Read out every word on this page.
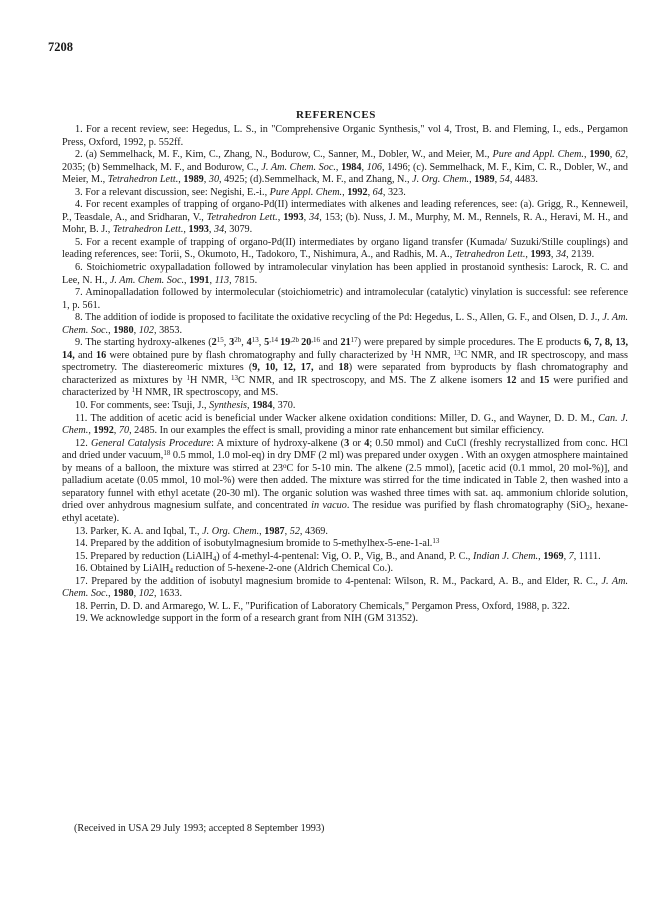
7208
REFERENCES

1. For a recent review, see: Hegedus, L. S., in "Comprehensive Organic Synthesis," vol 4, Trost, B. and Fleming, I., eds., Pergamon Press, Oxford, 1992, p. 552ff.

2. (a) Semmelhack, M. F., Kim, C., Zhang, N., Bodurow, C., Sanner, M., Dobler, W., and Meier, M., Pure and Appl. Chem., 1990, 62, 2035; (b) Semmelhack, M. F., and Bodurow, C., J. Am. Chem. Soc., 1984, 106, 1496; (c). Semmelhack, M. F., Kim, C. R., Dobler, W., and Meier, M., Tetrahedron Lett., 1989, 30, 4925; (d).Semmelhack, M. F., and Zhang, N., J. Org. Chem., 1989, 54, 4483.

3. For a relevant discussion, see: Negishi, E.-i., Pure Appl. Chem., 1992, 64, 323.

4. For recent examples of trapping of organo-Pd(II) intermediates with alkenes and leading references, see: (a). Grigg, R., Kenneweil, P., Teasdale, A., and Sridharan, V., Tetrahedron Lett., 1993, 34, 153; (b). Nuss, J. M., Murphy, M. M., Rennels, R. A., Heravi, M. H., and Mohr, B. J., Tetrahedron Lett., 1993, 34, 3079.

5. For a recent example of trapping of organo-Pd(II) intermediates by organo ligand transfer (Kumada/ Suzuki/Stille couplings) and leading references, see: Torii, S., Okumoto, H., Tadokoro, T., Nishimura, A., and Radhis, M. A., Tetrahedron Lett., 1993, 34, 2139.

6. Stoichiometric oxypalladation followed by intramolecular vinylation has been applied in prostanoid synthesis: Larock, R. C. and Lee, N. H., J. Am. Chem. Soc., 1991, 113, 7815.

7. Aminopalladation followed by intermolecular (stoichiometric) and intramolecular (catalytic) vinylation is successful: see reference 1, p. 561.

8. The addition of iodide is proposed to facilitate the oxidative recycling of the Pd: Hegedus, L. S., Allen, G. F., and Olsen, D. J., J. Am. Chem. Soc., 1980, 102, 3853.

9. The starting hydroxy-alkenes ($2^{15}$, $3^{2b}$, $4^{13}$, $5^{,14}$ $19^{,2b}$ $20^{,16}$ and $21^{17}$) were prepared by simple procedures. The E products 6, 7, 8, 13, 14, and 16 were obtained pure by flash chromatography and fully characterized by $^1$H NMR, $^{13}$C NMR, and IR spectroscopy, and mass spectrometry. The diastereomeric mixtures (9, 10, 12, 17, and 18) were separated from byproducts by flash chromatography and characterized as mixtures by $^1$H NMR, $^{13}$C NMR, and IR spectroscopy, and MS. The Z alkene isomers 12 and 15 were purified and characterized by $^1$H NMR, IR spectroscopy, and MS.

10. For comments, see: Tsuji, J., Synthesis, 1984, 370.

11. The addition of acetic acid is beneficial under Wacker alkene oxidation conditions: Miller, D. G., and Wayner, D. D. M., Can. J. Chem., 1992, 70, 2485. In our examples the effect is small, providing a minor rate enhancement but similar efficiency.

12. General Catalysis Procedure: A mixture of hydroxy-alkene (3 or 4; 0.50 mmol) and CuCl (freshly recrystallized from conc. HCl and dried under vacuum,$^{18}$ 0.5 mmol, 1.0 mol-eq) in dry DMF (2 ml) was prepared under oxygen . With an oxygen atmosphere maintained by means of a balloon, the mixture was stirred at 23$^o$C for 5-10 min. The alkene (2.5 mmol), [acetic acid (0.1 mmol, 20 mol-%)], and palladium acetate (0.05 mmol, 10 mol-%) were then added. The mixture was stirred for the time indicated in Table 2, then washed into a separatory funnel with ethyl acetate (20-30 ml). The organic solution was washed three times with sat. aq. ammonium chloride solution, dried over anhydrous magnesium sulfate, and concentrated in vacuo. The residue was purified by flash chromatography (SiO$_2$, hexane-ethyl acetate).

13. Parker, K. A. and Iqbal, T., J. Org. Chem., 1987, 52, 4369.

14. Prepared by the addition of isobutylmagnesium bromide to 5-methylhex-5-ene-1-al.$^{13}$

15. Prepared by reduction (LiAlH$_4$) of 4-methyl-4-pentenal: Vig, O. P., Vig, B., and Anand, P. C., Indian J. Chem., 1969, 7, 1111.

16. Obtained by LiAlH$_4$ reduction of 5-hexene-2-one (Aldrich Chemical Co.).

17. Prepared by the addition of isobutyl magnesium bromide to 4-pentenal: Wilson, R. M., Packard, A. B., and Elder, R. C., J. Am. Chem. Soc., 1980, 102, 1633.

18. Perrin, D. D. and Armarego, W. L. F., "Purification of Laboratory Chemicals," Pergamon Press, Oxford, 1988, p. 322.

19. We acknowledge support in the form of a research grant from NIH (GM 31352).

(Received in USA 29 July 1993; accepted 8 September 1993)
